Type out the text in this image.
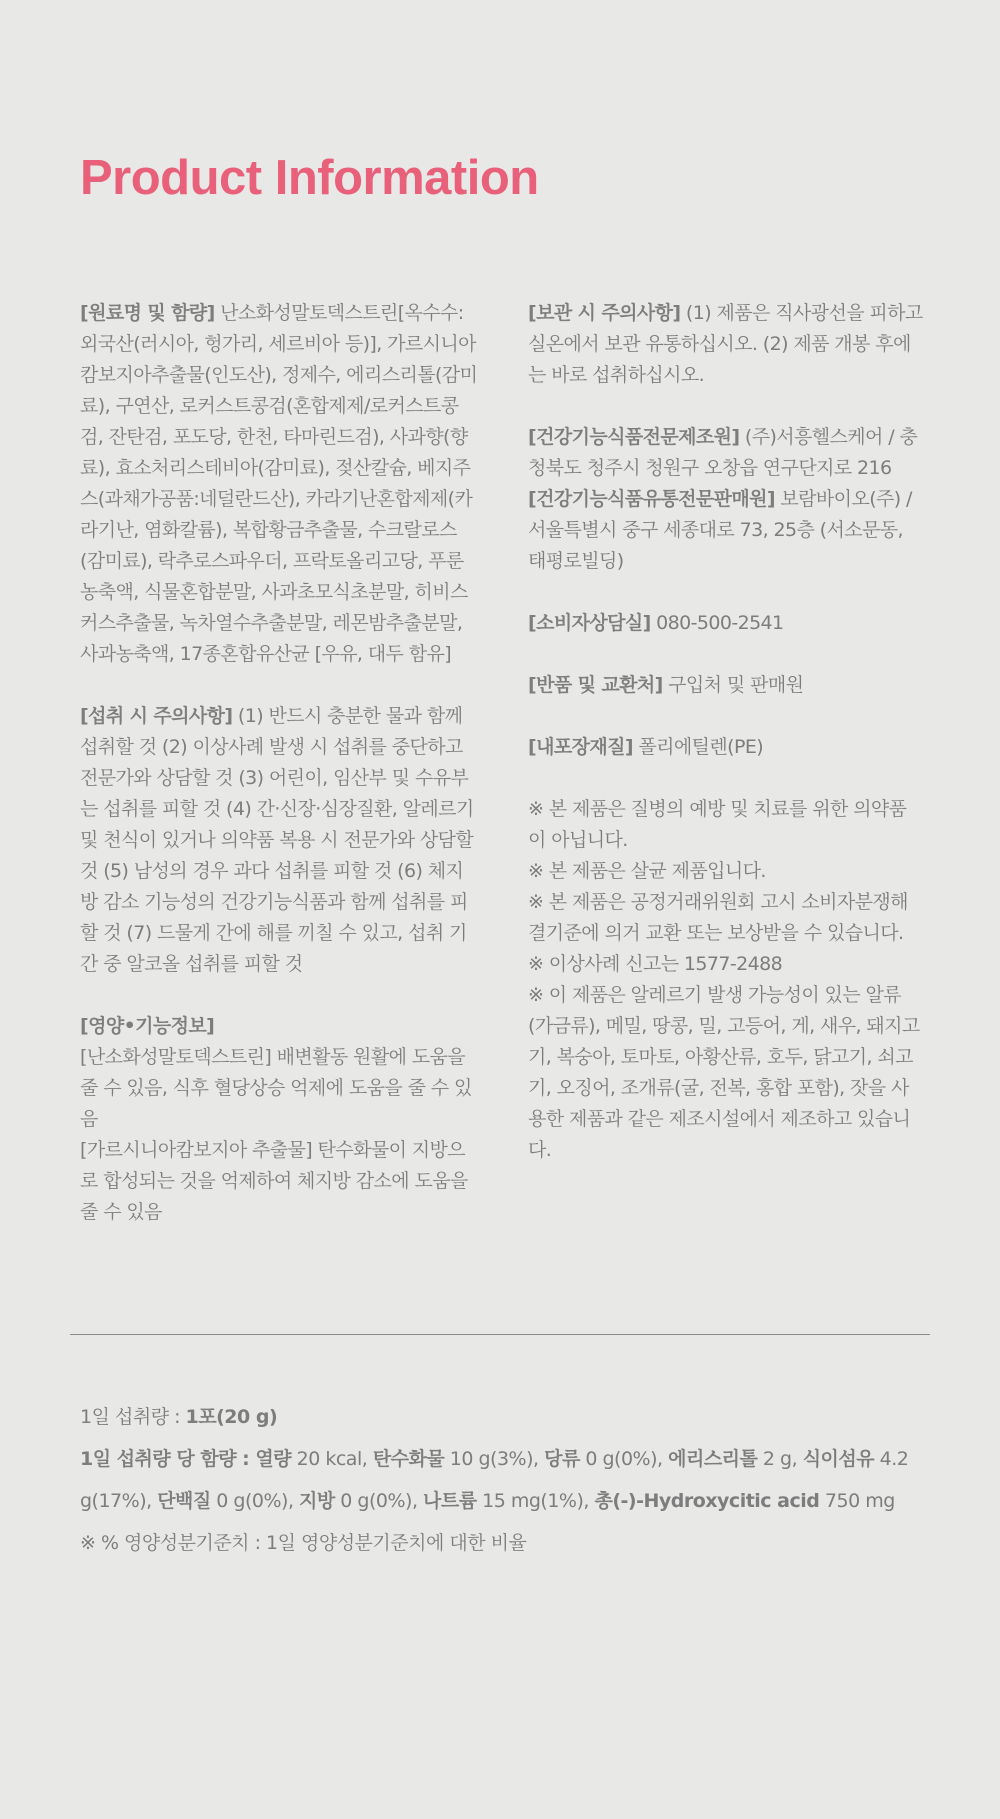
Product Information

[원료명 및 함량] 난소화성말토덱스트린[옥수수: 외국산(러시아, 헝가리, 세르비아 등)], 가르시니아캄보지아추출물(인도산), 정제수, 에리스리톨(감미료), 구연산, 로커스트콩검(혼합제제/로커스트콩검, 잔탄검, 포도당, 한천, 타마린드검), 사과향(향료), 효소처리스테비아(감미료), 젖산칼슘, 베지주스(과채가공품:네덜란드산), 카라기난혼합제제(카라기난, 염화칼륨), 복합황금추출물, 수크랄로스(감미료), 락추로스파우더, 프락토올리고당, 푸룬농축액, 식물혼합분말, 사과초모식초분말, 히비스커스추출물, 녹차열수추출분말, 레몬밤추출분말, 사과농축액, 17종혼합유산균 [우유, 대두 함유]

[섭취 시 주의사항] (1) 반드시 충분한 물과 함께 섭취할 것 (2) 이상사례 발생 시 섭취를 중단하고 전문가와 상담할 것 (3) 어린이, 임산부 및 수유부는 섭취를 피할 것 (4) 간·신장·심장질환, 알레르기 및 천식이 있거나 의약품 복용 시 전문가와 상담할 것 (5) 남성의 경우 과다 섭취를 피할 것 (6) 체지방 감소 기능성의 건강기능식품과 함께 섭취를 피할 것 (7) 드물게 간에 해를 끼칠 수 있고, 섭취 기간 중 알코올 섭취를 피할 것

[영양•기능정보]
[난소화성말토덱스트린] 배변활동 원활에 도움을 줄 수 있음, 식후 혈당상승 억제에 도움을 줄 수 있음
[가르시니아캄보지아 추출물] 탄수화물이 지방으로 합성되는 것을 억제하여 체지방 감소에 도움을 줄 수 있음

[보관 시 주의사항] (1) 제품은 직사광선을 피하고 실온에서 보관 유통하십시오. (2) 제품 개봉 후에는 바로 섭취하십시오.

[건강기능식품전문제조원] (주)서흥헬스케어 / 충청북도 청주시 청원구 오창읍 연구단지로 216

[건강기능식품유통전문판매원] 보람바이오(주) / 서울특별시 중구 세종대로 73, 25층 (서소문동, 태평로빌딩)

[소비자상담실] 080-500-2541

[반품 및 교환처] 구입처 및 판매원

[내포장재질] 폴리에틸렌(PE)

※ 본 제품은 질병의 예방 및 치료를 위한 의약품이 아닙니다.

※ 본 제품은 살균 제품입니다.

※ 본 제품은 공정거래위원회 고시 소비자분쟁해결기준에 의거 교환 또는 보상받을 수 있습니다.

※ 이상사례 신고는 1577-2488

※ 이 제품은 알레르기 발생 가능성이 있는 알류(가금류), 메밀, 땅콩, 밀, 고등어, 게, 새우, 돼지고기, 복숭아, 토마토, 아황산류, 호두, 닭고기, 쇠고기, 오징어, 조개류(굴, 전복, 홍합 포함), 잣을 사용한 제품과 같은 제조시설에서 제조하고 있습니다.

1일 섭취량 : 1포(20 g)
1일 섭취량 당 함량 : 열량 20 kcal, 탄수화물 10 g(3%), 당류 0 g(0%), 에리스리톨 2 g, 식이섬유 4.2 g(17%), 단백질 0 g(0%), 지방 0 g(0%), 나트륨 15 mg(1%), 총(-)-Hydroxycitic acid 750 mg
※ % 영양성분기준치 : 1일 영양성분기준치에 대한 비율
